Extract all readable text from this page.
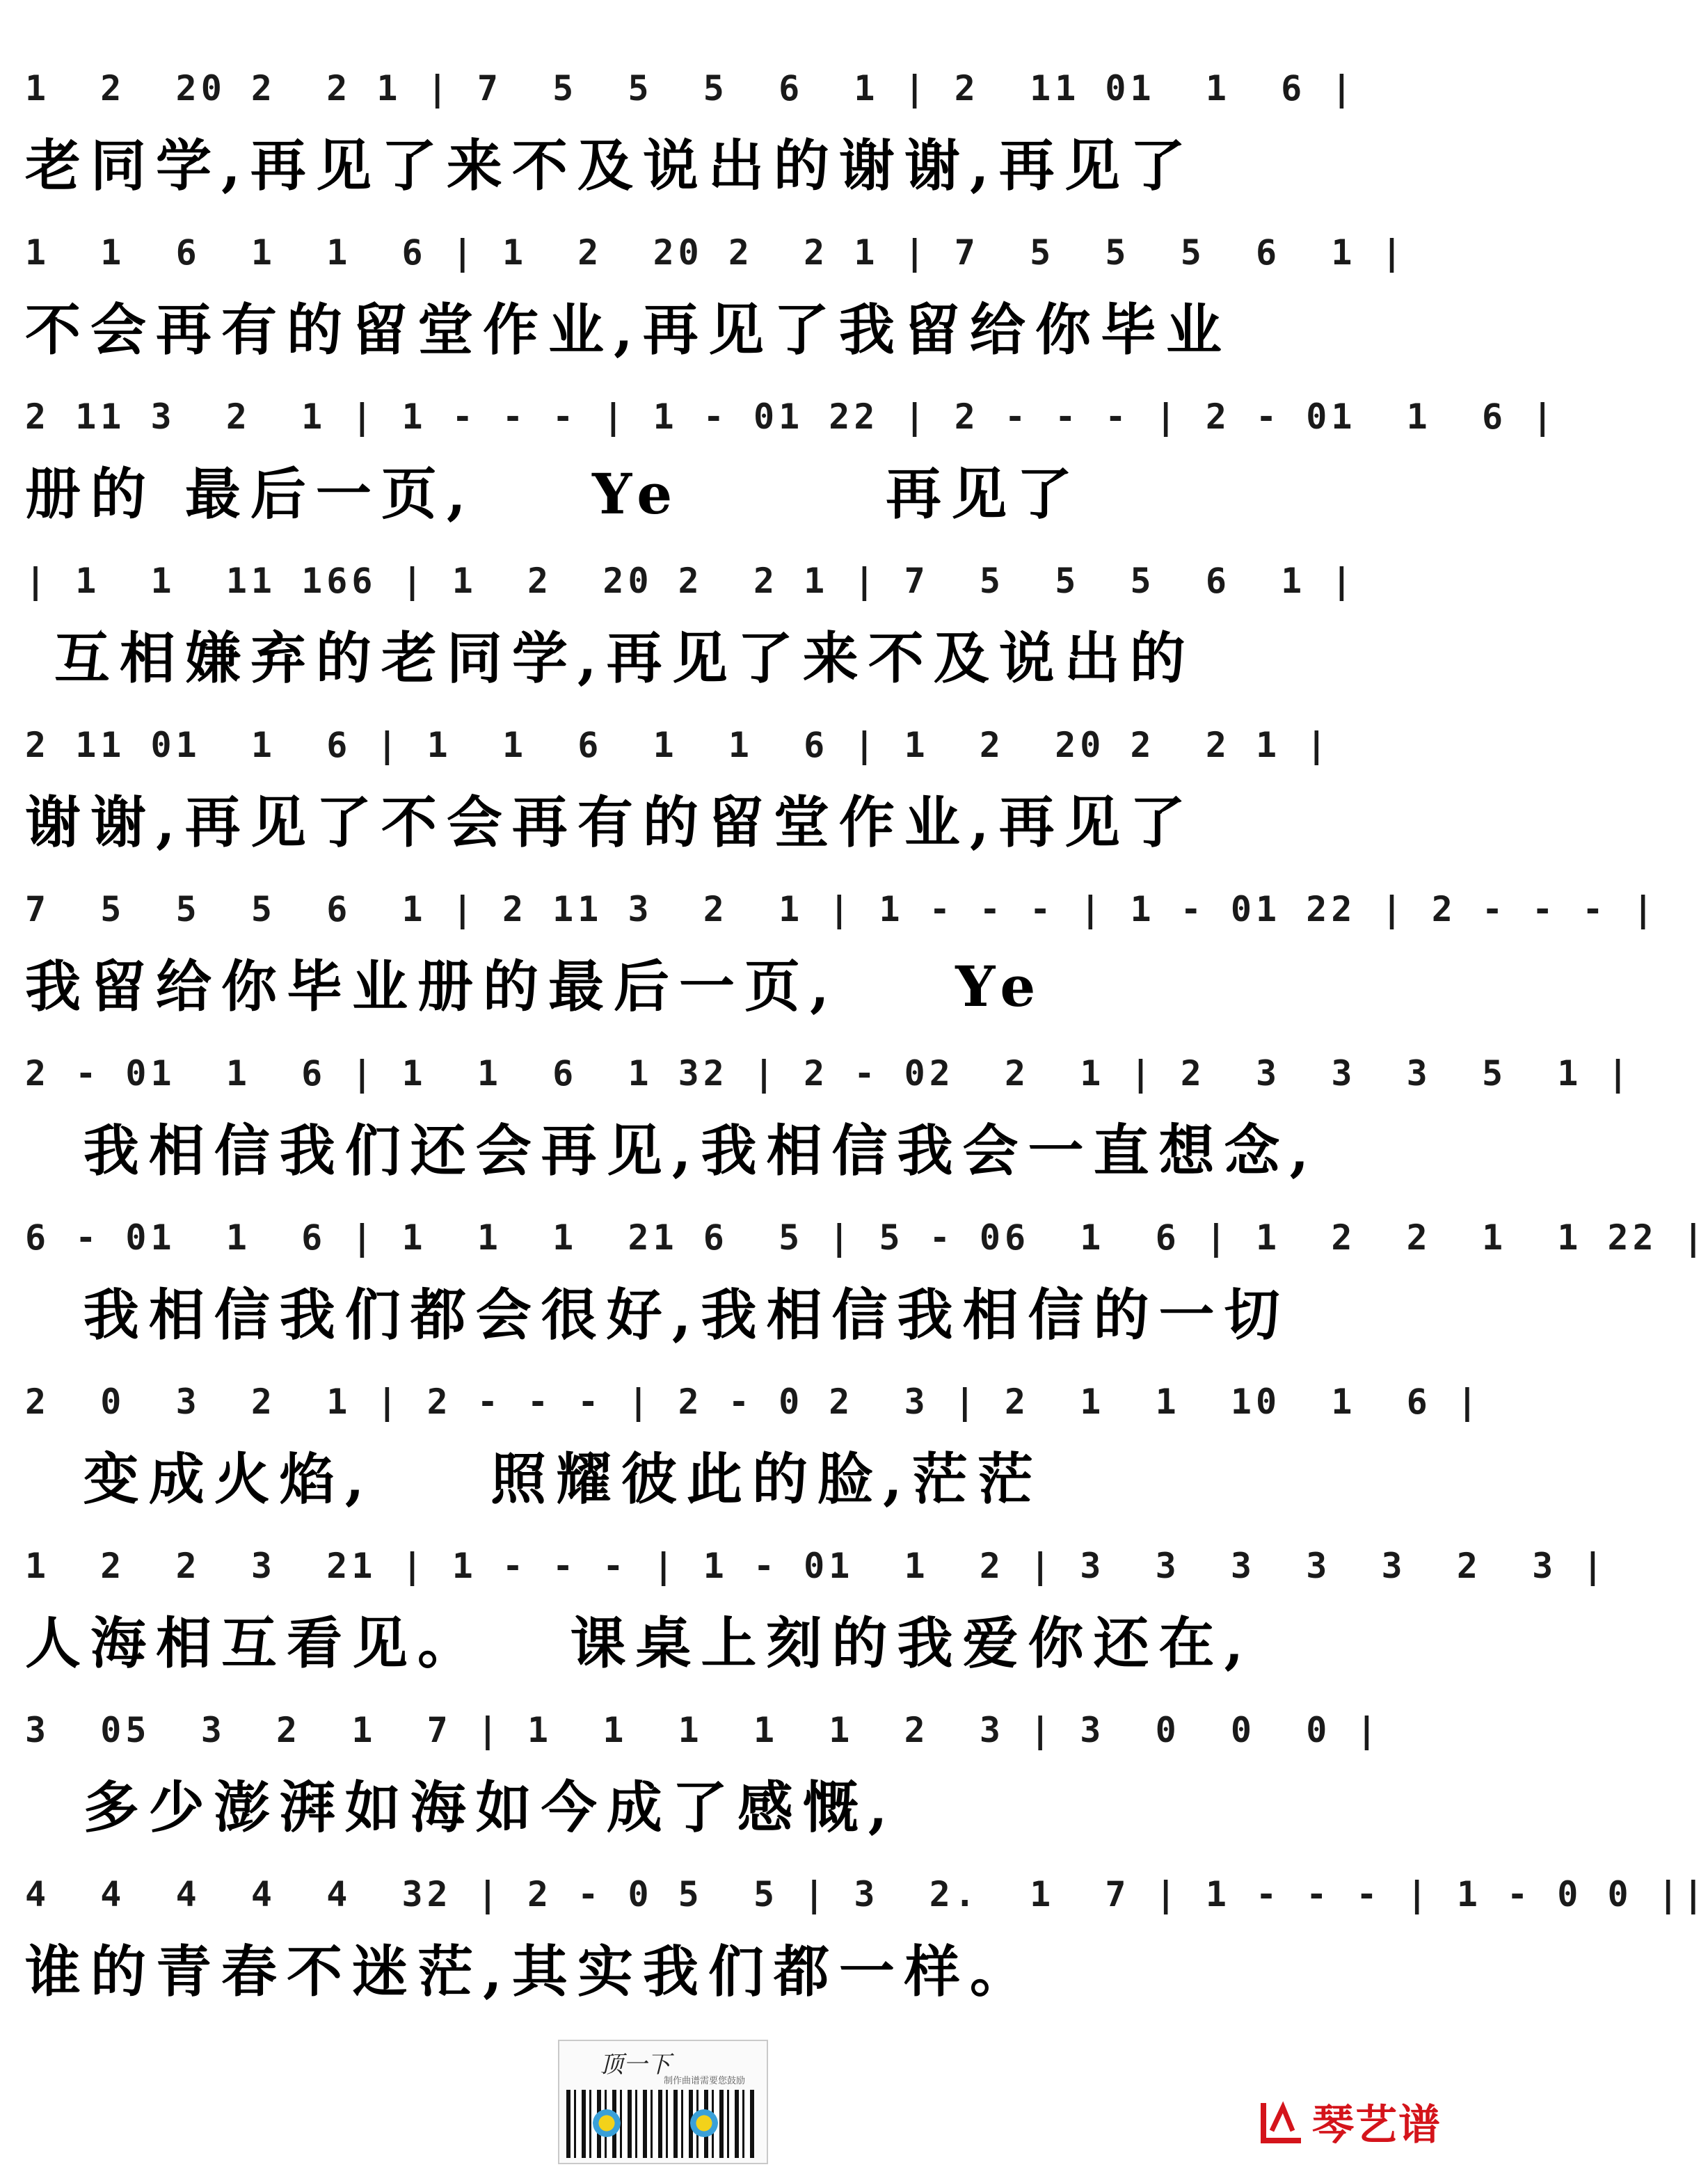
1  2  20 2  2 1 | 7  5  5  5  6  1 | 2  11 01  1  6 |
老同学,再见了来不及说出的谢谢,再见了
1  1  6  1  1  6 | 1  2  20 2  2 1 | 7  5  5  5  6  1 |
不会再有的留堂作业,再见了我留给你毕业
2 11 3  2  1 | 1 - - - | 1 - 01 22 | 2 - - - | 2 - 01  1  6 |
册的 最后一页,    Ye       再见了
| 1  1  11 166 | 1  2  20 2  2 1 | 7  5  5  5  6  1 |
互相嫌弃的老同学,再见了来不及说出的
2 11 01  1  6 | 1  1  6  1  1  6 | 1  2  20 2  2 1 |
谢谢,再见了不会再有的留堂作业,再见了
7  5  5  5  6  1 | 2 11 3  2  1 | 1 - - - | 1 - 01 22 | 2 - - - |
我留给你毕业册的最后一页,    Ye
2 - 01  1  6 | 1  1  6  1 32 | 2 - 02  2  1 | 2  3  3  3  5  1 |
我相信我们还会再见,我相信我会一直想念,
6 - 01  1  6 | 1  1  1  21 6  5 | 5 - 06  1  6 | 1  2  2  1  1 22 |
我相信我们都会很好,我相信我相信的一切
2  0  3  2  1 | 2 - - - | 2 - 0 2  3 | 2  1  1  10  1  6 |
变成火焰,    照耀彼此的脸,茫茫
1  2  2  3  21 | 1 - - - | 1 - 01  1  2 | 3  3  3  3  3  2  3 |
人海相互看见。   课桌上刻的我爱你还在,
3  05  3  2  1  7 | 1  1  1  1  1  2  3 | 3  0  0  0 |
多少澎湃如海如今成了感慨,
4  4  4  4  4  32 | 2 - 0 5  5 | 3  2.  1  7 | 1 - - - | 1 - 0 0 ||
谁的青春不迷茫,其实我们都一样。
顶一下
制作曲谱需要您鼓励
琴艺谱
